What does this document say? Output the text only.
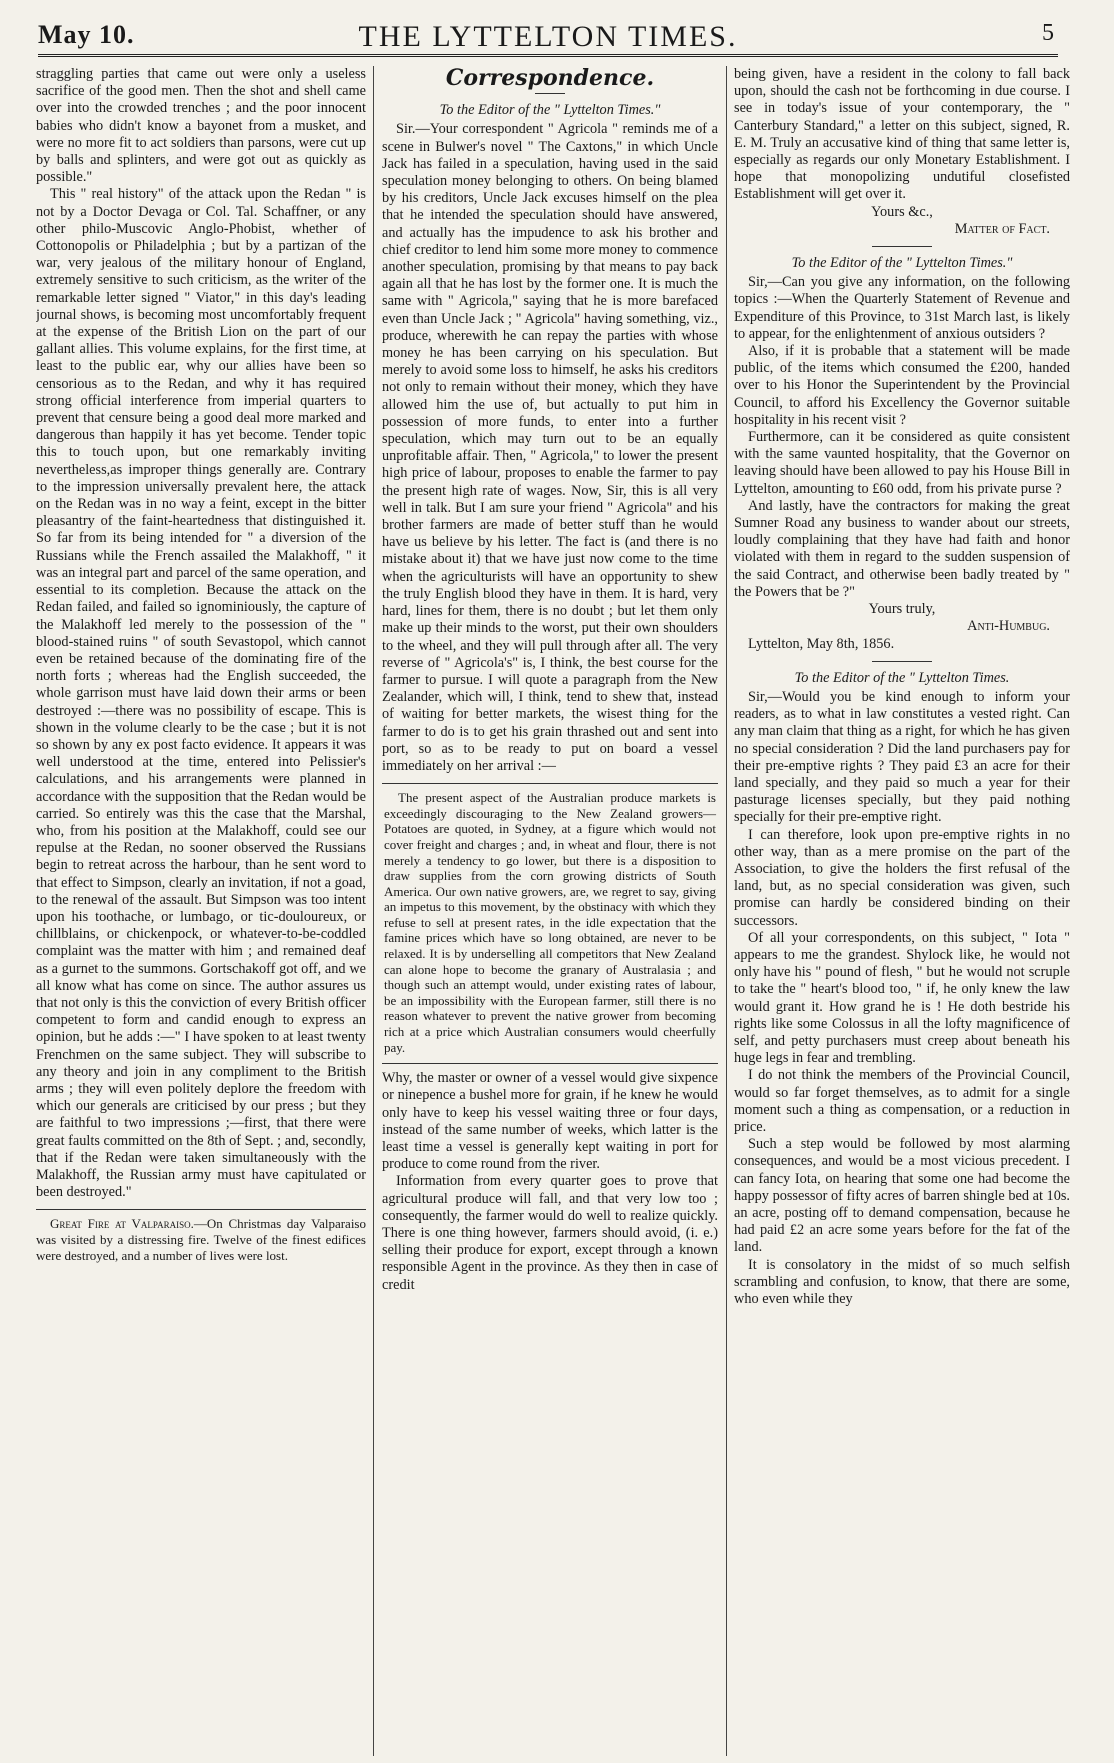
May 10.	THE LYTTELTON TIMES.	5

straggling parties that came out were only a useless sacrifice of the good men. Then the shot and shell came over into the crowded trenches ; and the poor innocent babies who didn't know a bayonet from a musket, and were no more fit to act soldiers than parsons, were cut up by balls and splinters, and were got out as quickly as possible."

This " real history" of the attack upon the Redan " is not by a Doctor Devaga or Col. Tal. Schaffner, or any other philo-Muscovic Anglo-Phobist, whether of Cottonopolis or Philadelphia ; but by a partizan of the war, very jealous of the military honour of England, extremely sensitive to such criticism, as the writer of the remarkable letter signed " Viator," in this day's leading journal shows, is becoming most uncomfortably frequent at the expense of the British Lion on the part of our gallant allies. This volume explains, for the first time, at least to the public ear, why our allies have been so censorious as to the Redan, and why it has required strong official interference from imperial quarters to prevent that censure being a good deal more marked and dangerous than happily it has yet become. Tender topic this to touch upon, but one remarkably inviting nevertheless,as improper things generally are. Contrary to the impression universally prevalent here, the attack on the Redan was in no way a feint, except in the bitter pleasantry of the faint-heartedness that distinguished it. So far from its being intended for " a diversion of the Russians while the French assailed the Malakhoff, " it was an integral part and parcel of the same operation, and essential to its completion. Because the attack on the Redan failed, and failed so ignominiously, the capture of the Malakhoff led merely to the possession of the " blood-stained ruins " of south Sevastopol, which cannot even be retained because of the dominating fire of the north forts ; whereas had the English succeeded, the whole garrison must have laid down their arms or been destroyed :—there was no possibility of escape. This is shown in the volume clearly to be the case ; but it is not so shown by any ex post facto evidence. It appears it was well understood at the time, entered into Pelissier's calculations, and his arrangements were planned in accordance with the supposition that the Redan would be carried. So entirely was this the case that the Marshal, who, from his position at the Malakhoff, could see our repulse at the Redan, no sooner observed the Russians begin to retreat across the harbour, than he sent word to that effect to Simpson, clearly an invitation, if not a goad, to the renewal of the assault. But Simpson was too intent upon his toothache, or lumbago, or tic-douloureux, or chillblains, or chickenpock, or whatever-to-be-coddled complaint was the matter with him ; and remained deaf as a gurnet to the summons. Gortschakoff got off, and we all know what has come on since. The author assures us that not only is this the conviction of every British officer competent to form and candid enough to express an opinion, but he adds :—" I have spoken to at least twenty Frenchmen on the same subject. They will subscribe to any theory and join in any compliment to the British arms ; they will even politely deplore the freedom with which our generals are criticised by our press ; but they are faithful to two impressions ;—first, that there were great faults committed on the 8th of Sept. ; and, secondly, that if the Redan were taken simultaneously with the Malakhoff, the Russian army must have capitulated or been destroyed."

Great Fire at Valparaiso.—On Christmas day Valparaiso was visited by a distressing fire. Twelve of the finest edifices were destroyed, and a number of lives were lost.

Correspondence.

To the Editor of the " Lyttelton Times."

Sir.—Your correspondent " Agricola " reminds me of a scene in Bulwer's novel " The Caxtons," in which Uncle Jack has failed in a speculation, having used in the said speculation money belonging to others. On being blamed by his creditors, Uncle Jack excuses himself on the plea that he intended the speculation should have answered, and actually has the impudence to ask his brother and chief creditor to lend him some more money to commence another speculation, promising by that means to pay back again all that he has lost by the former one. It is much the same with " Agricola," saying that he is more barefaced even than Uncle Jack ; " Agricola" having something, viz., produce, wherewith he can repay the parties with whose money he has been carrying on his speculation. But merely to avoid some loss to himself, he asks his creditors not only to remain without their money, which they have allowed him the use of, but actually to put him in possession of more funds, to enter into a further speculation, which may turn out to be an equally unprofitable affair. Then, " Agricola," to lower the present high price of labour, proposes to enable the farmer to pay the present high rate of wages. Now, Sir, this is all very well in talk. But I am sure your friend " Agricola" and his brother farmers are made of better stuff than he would have us believe by his letter. The fact is (and there is no mistake about it) that we have just now come to the time when the agriculturists will have an opportunity to shew the truly English blood they have in them. It is hard, very hard, lines for them, there is no doubt ; but let them only make up their minds to the worst, put their own shoulders to the wheel, and they will pull through after all. The very reverse of " Agricola's" is, I think, the best course for the farmer to pursue. I will quote a paragraph from the New Zealander, which will, I think, tend to shew that, instead of waiting for better markets, the wisest thing for the farmer to do is to get his grain thrashed out and sent into port, so as to be ready to put on board a vessel immediately on her arrival :—

The present aspect of the Australian produce markets is exceedingly discouraging to the New Zealand growers—Potatoes are quoted, in Sydney, at a figure which would not cover freight and charges ; and, in wheat and flour, there is not merely a tendency to go lower, but there is a disposition to draw supplies from the corn growing districts of South America. Our own native growers, are, we regret to say, giving an impetus to this movement, by the obstinacy with which they refuse to sell at present rates, in the idle expectation that the famine prices which have so long obtained, are never to be relaxed. It is by underselling all competitors that New Zealand can alone hope to become the granary of Australasia ; and though such an attempt would, under existing rates of labour, be an impossibility with the European farmer, still there is no reason whatever to prevent the native grower from becoming rich at a price which Australian consumers would cheerfully pay.

Why, the master or owner of a vessel would give sixpence or ninepence a bushel more for grain, if he knew he would only have to keep his vessel waiting three or four days, instead of the same number of weeks, which latter is the least time a vessel is generally kept waiting in port for produce to come round from the river.

Information from every quarter goes to prove that agricultural produce will fall, and that very low too ; consequently, the farmer would do well to realize quickly. There is one thing however, farmers should avoid, (i. e.) selling their produce for export, except through a known responsible Agent in the province. As they then in case of credit

being given, have a resident in the colony to fall back upon, should the cash not be forthcoming in due course. I see in today's issue of your contemporary, the " Canterbury Standard," a letter on this subject, signed, R. E. M. Truly an accusative kind of thing that same letter is, especially as regards our only Monetary Establishment. I hope that monopolizing undutiful closefisted Establishment will get over it.

Yours &c.,

Matter of Fact.

To the Editor of the " Lyttelton Times."

Sir,—Can you give any information, on the following topics :—When the Quarterly Statement of Revenue and Expenditure of this Province, to 31st March last, is likely to appear, for the enlightenment of anxious outsiders ?

Also, if it is probable that a statement will be made public, of the items which consumed the £200, handed over to his Honor the Superintendent by the Provincial Council, to afford his Excellency the Governor suitable hospitality in his recent visit ?

Furthermore, can it be considered as quite consistent with the same vaunted hospitality, that the Governor on leaving should have been allowed to pay his House Bill in Lyttelton, amounting to £60 odd, from his private purse ?

And lastly, have the contractors for making the great Sumner Road any business to wander about our streets, loudly complaining that they have had faith and honor violated with them in regard to the sudden suspension of the said Contract, and otherwise been badly treated by " the Powers that be ?"

Yours truly,

Anti-Humbug.

Lyttelton, May 8th, 1856.

To the Editor of the " Lyttelton Times.

Sir,—Would you be kind enough to inform your readers, as to what in law constitutes a vested right. Can any man claim that thing as a right, for which he has given no special consideration ? Did the land purchasers pay for their pre-emptive rights ? They paid £3 an acre for their land specially, and they paid so much a year for their pasturage licenses specially, but they paid nothing specially for their pre-emptive right.

I can therefore, look upon pre-emptive rights in no other way, than as a mere promise on the part of the Association, to give the holders the first refusal of the land, but, as no special consideration was given, such promise can hardly be considered binding on their successors.

Of all your correspondents, on this subject, " Iota " appears to me the grandest. Shylock like, he would not only have his " pound of flesh, " but he would not scruple to take the " heart's blood too, " if, he only knew the law would grant it. How grand he is ! He doth bestride his rights like some Colossus in all the lofty magnificence of self, and petty purchasers must creep about beneath his huge legs in fear and trembling.

I do not think the members of the Provincial Council, would so far forget themselves, as to admit for a single moment such a thing as compensation, or a reduction in price.

Such a step would be followed by most alarming consequences, and would be a most vicious precedent. I can fancy Iota, on hearing that some one had become the happy possessor of fifty acres of barren shingle bed at 10s. an acre, posting off to demand compensation, because he had paid £2 an acre some years before for the fat of the land.

It is consolatory in the midst of so much selfish scrambling and confusion, to know, that there are some, who even while they
